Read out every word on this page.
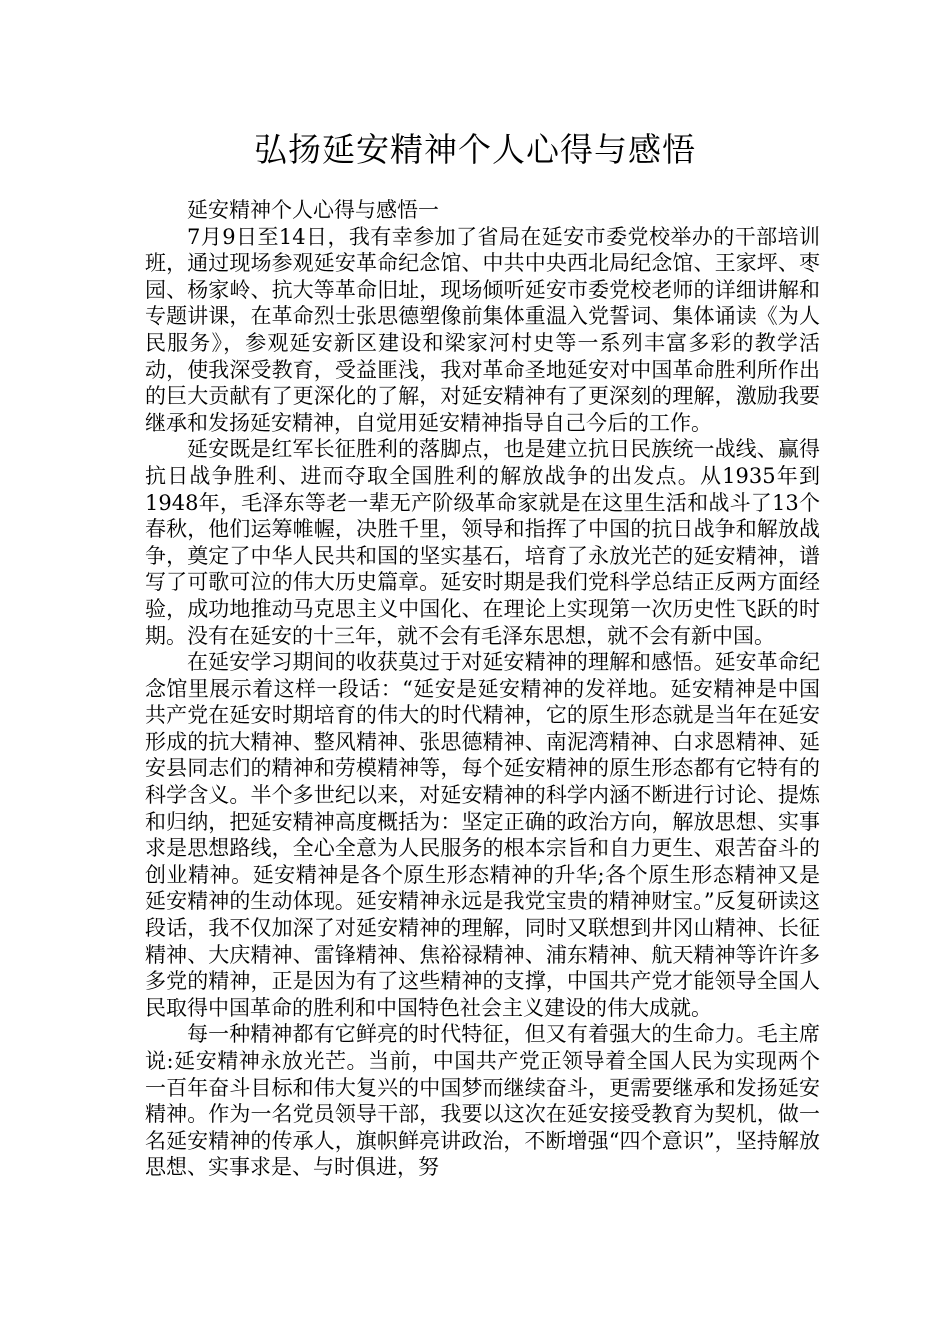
弘扬延安精神个人心得与感悟

延安精神个人心得与感悟一

7月9日至14日，我有幸参加了省局在延安市委党校举办的干部培训班，通过现场参观延安革命纪念馆、中共中央西北局纪念馆、王家坪、枣园、杨家岭、抗大等革命旧址，现场倾听延安市委党校老师的详细讲解和专题讲课，在革命烈士张思德塑像前集体重温入党誓词、集体诵读《为人民服务》，参观延安新区建设和梁家河村史等一系列丰富多彩的教学活动，使我深受教育，受益匪浅，我对革命圣地延安对中国革命胜利所作出的巨大贡献有了更深化的了解，对延安精神有了更深刻的理解，激励我要继承和发扬延安精神，自觉用延安精神指导自己今后的工作。

延安既是红军长征胜利的落脚点，也是建立抗日民族统一战线、赢得抗日战争胜利、进而夺取全国胜利的解放战争的出发点。从1935年到1948年，毛泽东等老一辈无产阶级革命家就是在这里生活和战斗了13个春秋，他们运筹帷幄，决胜千里，领导和指挥了中国的抗日战争和解放战争，奠定了中华人民共和国的坚实基石，培育了永放光芒的延安精神，谱写了可歌可泣的伟大历史篇章。延安时期是我们党科学总结正反两方面经验，成功地推动马克思主义中国化、在理论上实现第一次历史性飞跃的时期。没有在延安的十三年，就不会有毛泽东思想，就不会有新中国。

在延安学习期间的收获莫过于对延安精神的理解和感悟。延安革命纪念馆里展示着这样一段话：“延安是延安精神的发祥地。延安精神是中国共产党在延安时期培育的伟大的时代精神，它的原生形态就是当年在延安形成的抗大精神、整风精神、张思德精神、南泥湾精神、白求恩精神、延安县同志们的精神和劳模精神等，每个延安精神的原生形态都有它特有的科学含义。半个多世纪以来，对延安精神的科学内涵不断进行讨论、提炼和归纳，把延安精神高度概括为：坚定正确的政治方向，解放思想、实事求是思想路线，全心全意为人民服务的根本宗旨和自力更生、艰苦奋斗的创业精神。延安精神是各个原生形态精神的升华;各个原生形态精神又是延安精神的生动体现。延安精神永远是我党宝贵的精神财宝。”反复研读这段话，我不仅加深了对延安精神的理解，同时又联想到井冈山精神、长征精神、大庆精神、雷锋精神、焦裕禄精神、浦东精神、航天精神等许许多多党的精神，正是因为有了这些精神的支撑，中国共产党才能领导全国人民取得中国革命的胜利和中国特色社会主义建设的伟大成就。

每一种精神都有它鲜亮的时代特征，但又有着强大的生命力。毛主席说:延安精神永放光芒。当前，中国共产党正领导着全国人民为实现两个一百年奋斗目标和伟大复兴的中国梦而继续奋斗，更需要继承和发扬延安精神。作为一名党员领导干部，我要以这次在延安接受教育为契机，做一名延安精神的传承人，旗帜鲜亮讲政治，不断增强“四个意识”，坚持解放思想、实事求是、与时俱进，努
